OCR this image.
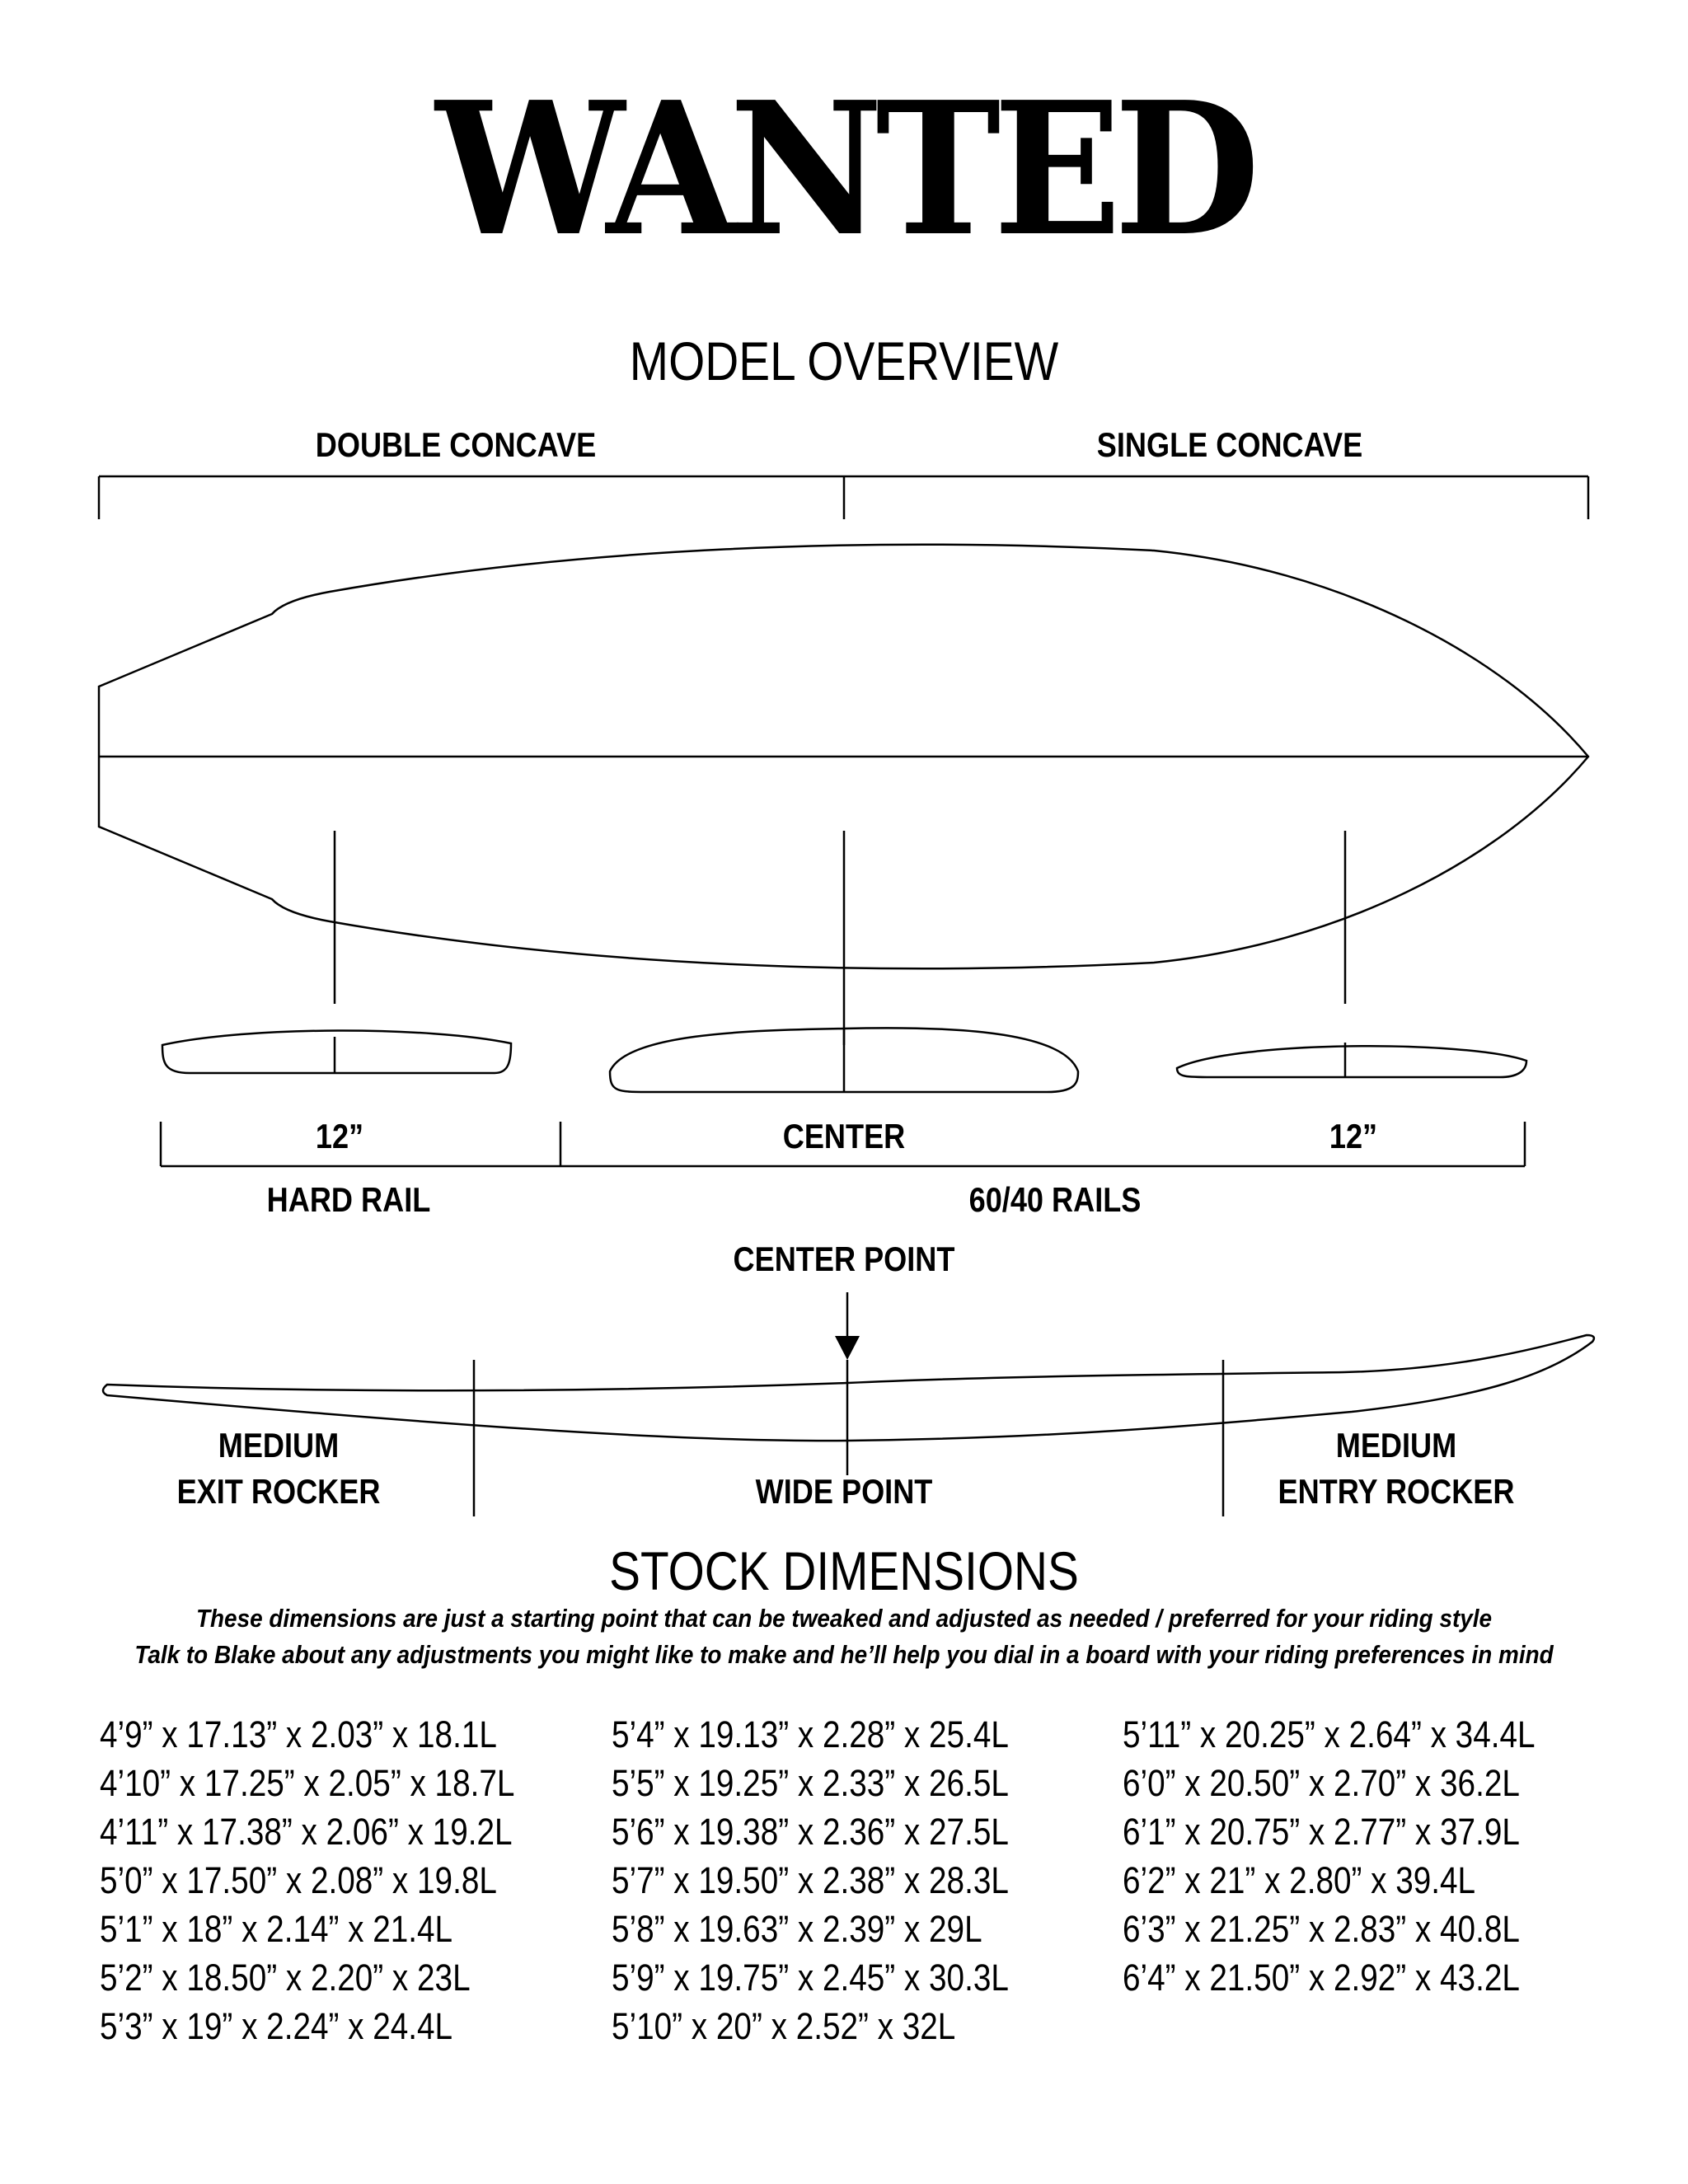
WANTED
MODEL OVERVIEW
DOUBLE CONCAVE	SINGLE CONCAVE
12”	CENTER	12”
HARD RAIL	60/40 RAILS
CENTER POINT
MEDIUM
EXIT ROCKER	WIDE POINT
MEDIUM
ENTRY ROCKER
STOCK DIMENSIONS
These dimensions are just a starting point that can be tweaked and adjusted as needed / preferred for your riding style
Talk to Blake about any adjustments you might like to make and he’ll help you dial in a board with your riding preferences in mind
4’9” x 17.13” x 2.03” x 18.1L
4’10” x 17.25” x 2.05” x 18.7L
4’11” x 17.38” x 2.06” x 19.2L
5’0” x 17.50” x 2.08” x 19.8L
5’1” x 18” x 2.14” x 21.4L
5’2” x 18.50” x 2.20” x 23L
5’3” x 19” x 2.24” x 24.4L
5’4” x 19.13” x 2.28” x 25.4L
5’5” x 19.25” x 2.33” x 26.5L
5’6” x 19.38” x 2.36” x 27.5L
5’7” x 19.50” x 2.38” x 28.3L
5’8” x 19.63” x 2.39” x 29L
5’9” x 19.75” x 2.45” x 30.3L
5’10” x 20” x 2.52” x 32L
5’11” x 20.25” x 2.64” x 34.4L
6’0” x 20.50” x 2.70” x 36.2L
6’1” x 20.75” x 2.77” x 37.9L
6’2” x 21” x 2.80” x 39.4L
6’3” x 21.25” x 2.83” x 40.8L
6’4” x 21.50” x 2.92” x 43.2L
